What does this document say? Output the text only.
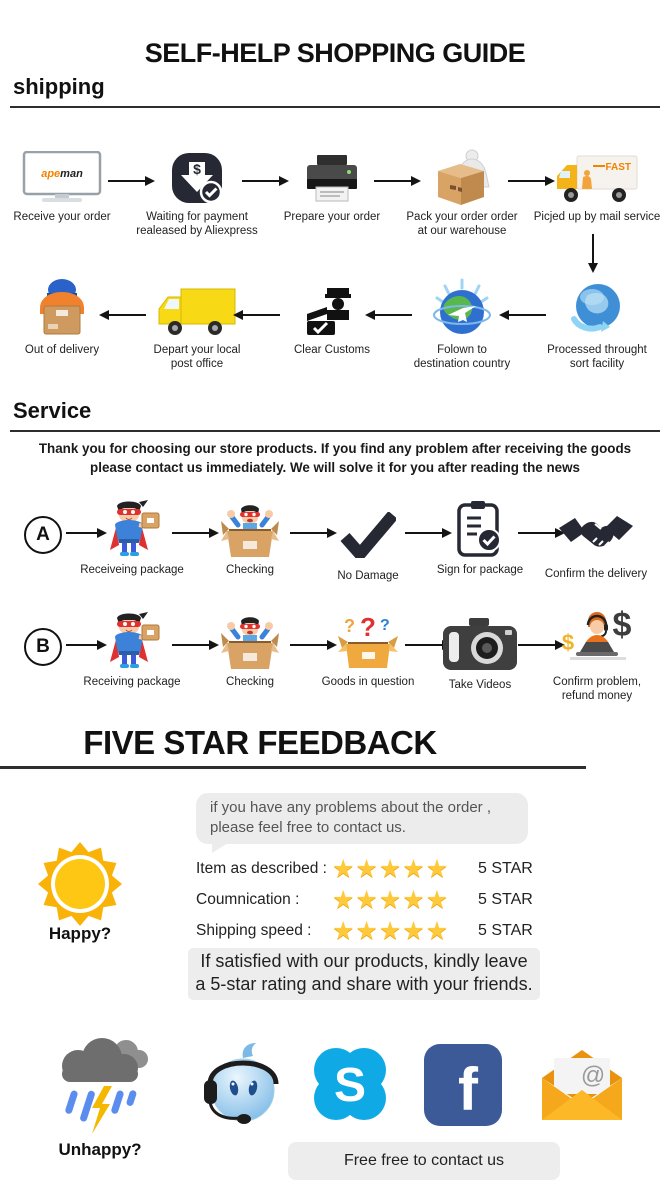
SELF-HELP SHOPPING GUIDE
shipping
apeman
Receive your order
$
Waiting for payment realeased by Aliexpress
Prepare your order Pack your order order at our warehouse
FAST
Picjed up by mail service
Out of delivery	Depart your local post office
Clear Customs	Folown to destination country
Processed throught sort facility
Service
Thank you for choosing our store products. If you find any problem after receiving the goods
please contact us immediately. We will solve it for you after reading the news
A
Receiveing package	Checking	No Damage	Sign for package Confirm the delivery
B
Receiving package	Checking
? ? ?
Goods in question	Take Videos
$
$
Confirm problem, refund money
FIVE STAR FEEDBACK
if you have any problems about the order ,
please feel free to contact us.
Happy?
Item as described : ★ ★ ★ ★ ★	5 STAR
Coumnication : ★ ★ ★ ★ ★	5 STAR
Shipping speed : ★ ★ ★ ★ ★	5 STAR
If satisfied with our products, kindly leave
a 5-star rating and share with your friends.
Unhappy?
S f	@
Free free to contact us
